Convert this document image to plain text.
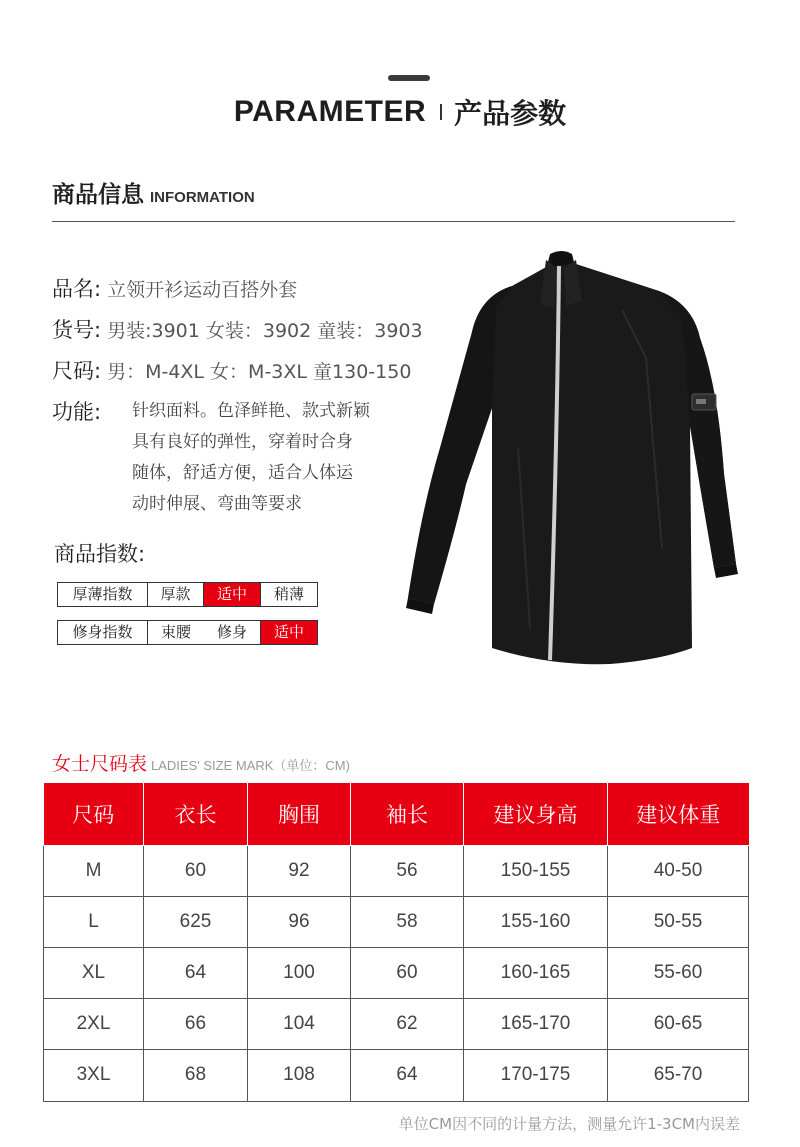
PARAMETER 产品参数
商品信息 INFORMATION
品名: 立领开衫运动百搭外套
货号: 男装:3901 女装：3902 童装：3903
尺码: 男：M-4XL 女：M-3XL 童130-150
功能: 针织面料。色泽鲜艳、款式新颖
具有良好的弹性，穿着时合身
随体，舒适方便，适合人体运
动时伸展、弯曲等要求
商品指数:
厚薄指数	厚款	适中	稍薄
修身指数	束腰	修身	适中
女士尺码表 LADIES' SIZE MARK（单位：CM)
尺码	衣长	胸围	袖长	建议身高	建议体重
M	60	92	56	150-155	40-50
L	625	96	58	155-160	50-55
XL	64	100	60	160-165	55-60
2XL	66	104	62	165-170	60-65
3XL	68	108	64	170-175	65-70
单位CM因不同的计量方法，测量允许1-3CM内误差
